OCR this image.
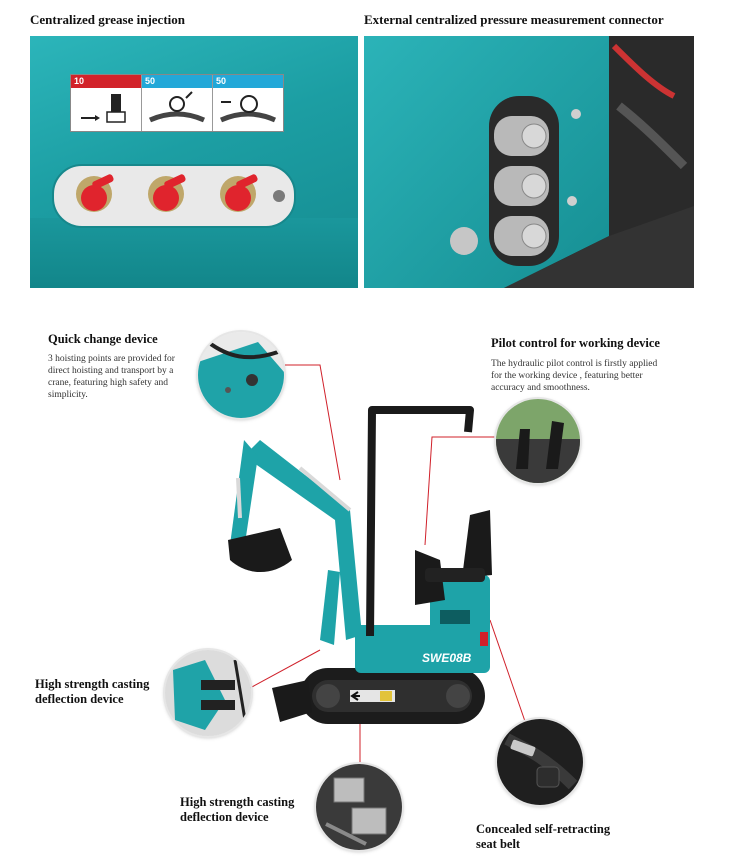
Centralized grease injection	External centralized pressure measurement connector
10	50	50
Quick change device
3 hoisting points are provided for
direct hoisting and transport by a
crane, featuring high safety and
simplicity.
Pilot control for working device
The hydraulic pilot control is firstly applied
for the working device , featuring better
accuracy and smoothness.
High strength casting
deflection device
High strength casting
deflection device
Concealed self-retracting
seat belt
SWE08B
